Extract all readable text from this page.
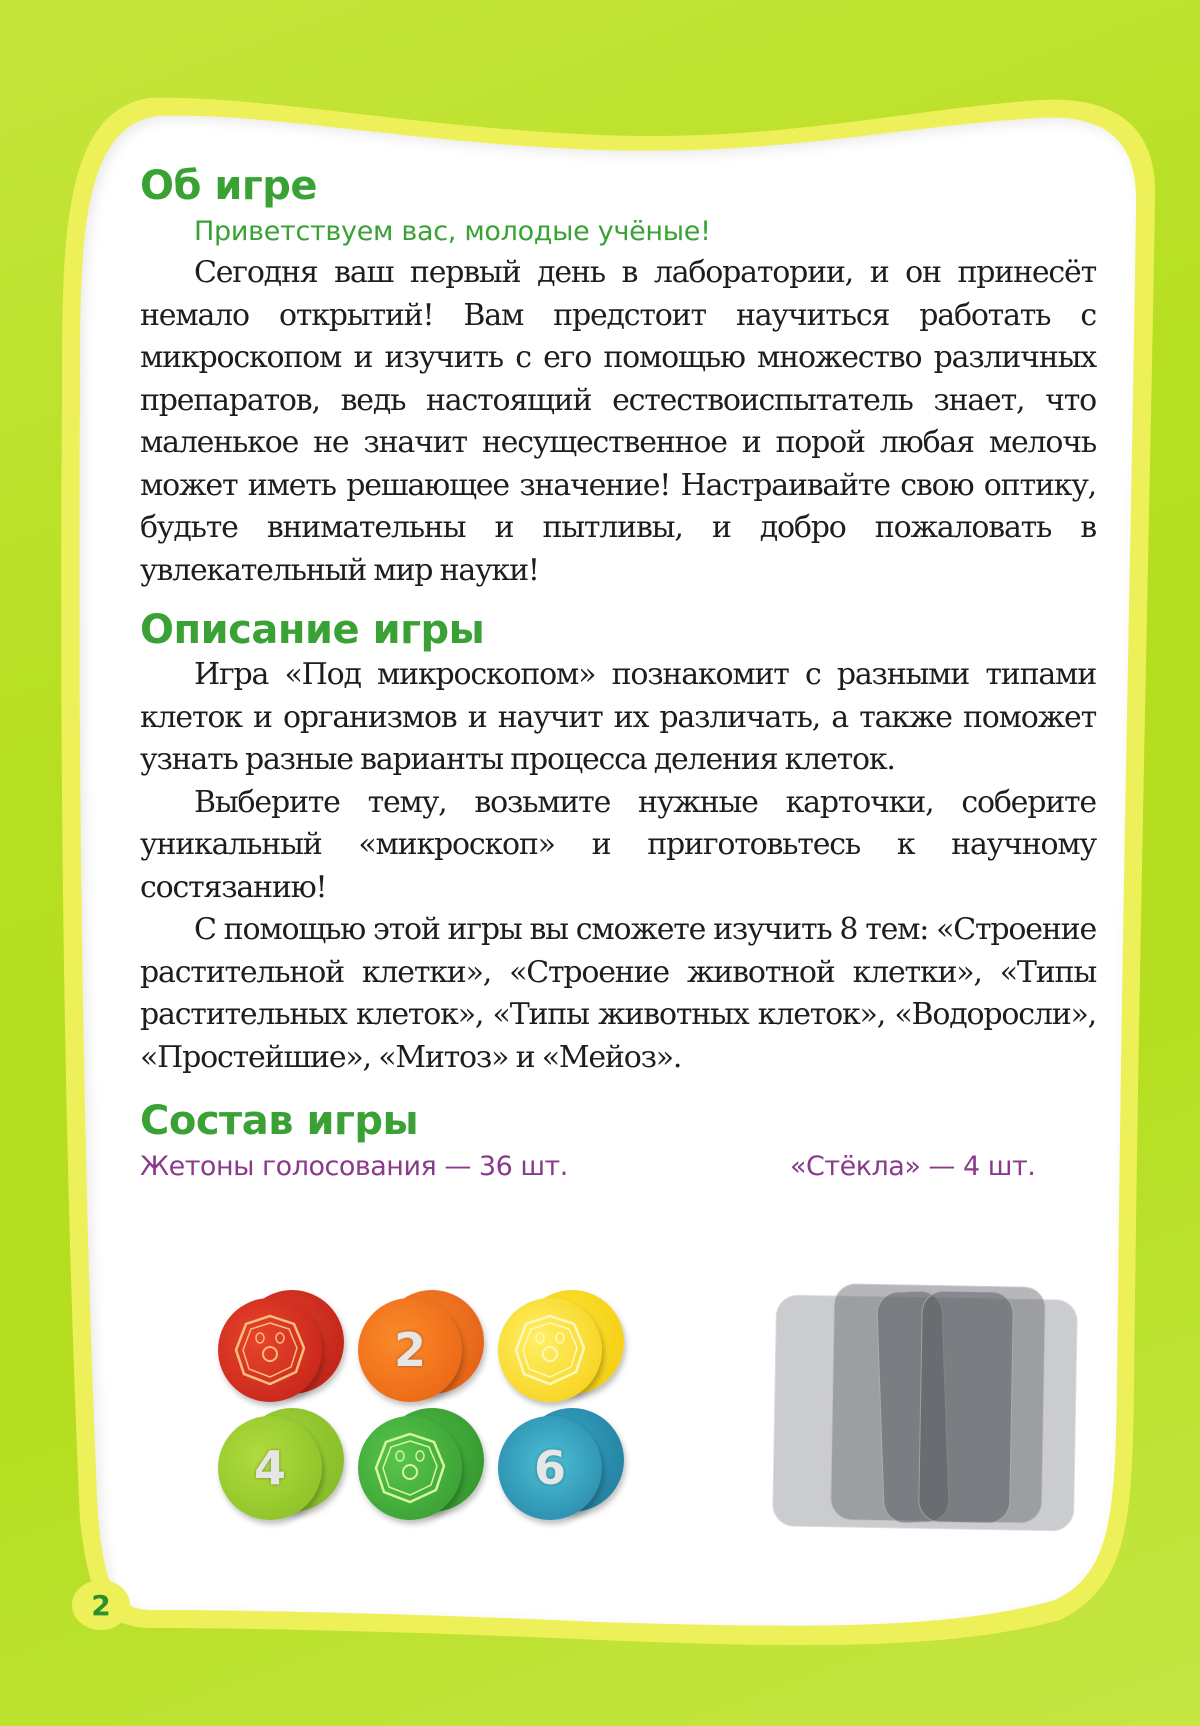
Об игре
Приветствуем вас, молодые учёные!

Сегодня ваш первый день в лаборатории, и он принесёт немало открытий! Вам предстоит научиться работать с микроскопом и изучить с его помощью множество различных препаратов, ведь настоящий естествоиспытатель знает, что маленькое не значит несущественное и порой любая мелочь может иметь решающее значение! Настраивайте свою оптику, будьте внимательны и пытливы, и добро пожаловать в увлекательный мир науки!

Описание игры

Игра «Под микроскопом» познакомит с разными типами клеток и организмов и научит их различать, а также поможет узнать разные варианты процесса деления клеток.

Выберите тему, возьмите нужные карточки, соберите уникальный «микроскоп» и приготовьтесь к научному состязанию!

С помощью этой игры вы сможете изучить 8 тем: «Строение растительной клетки», «Строение животной клетки», «Типы растительных клеток», «Типы животных клеток», «Водоросли», «Простейшие», «Митоз» и «Мейоз».

Состав игры
Жетоны голосования — 36 шт.	«Стёкла» — 4 шт.
2
4	6
2
